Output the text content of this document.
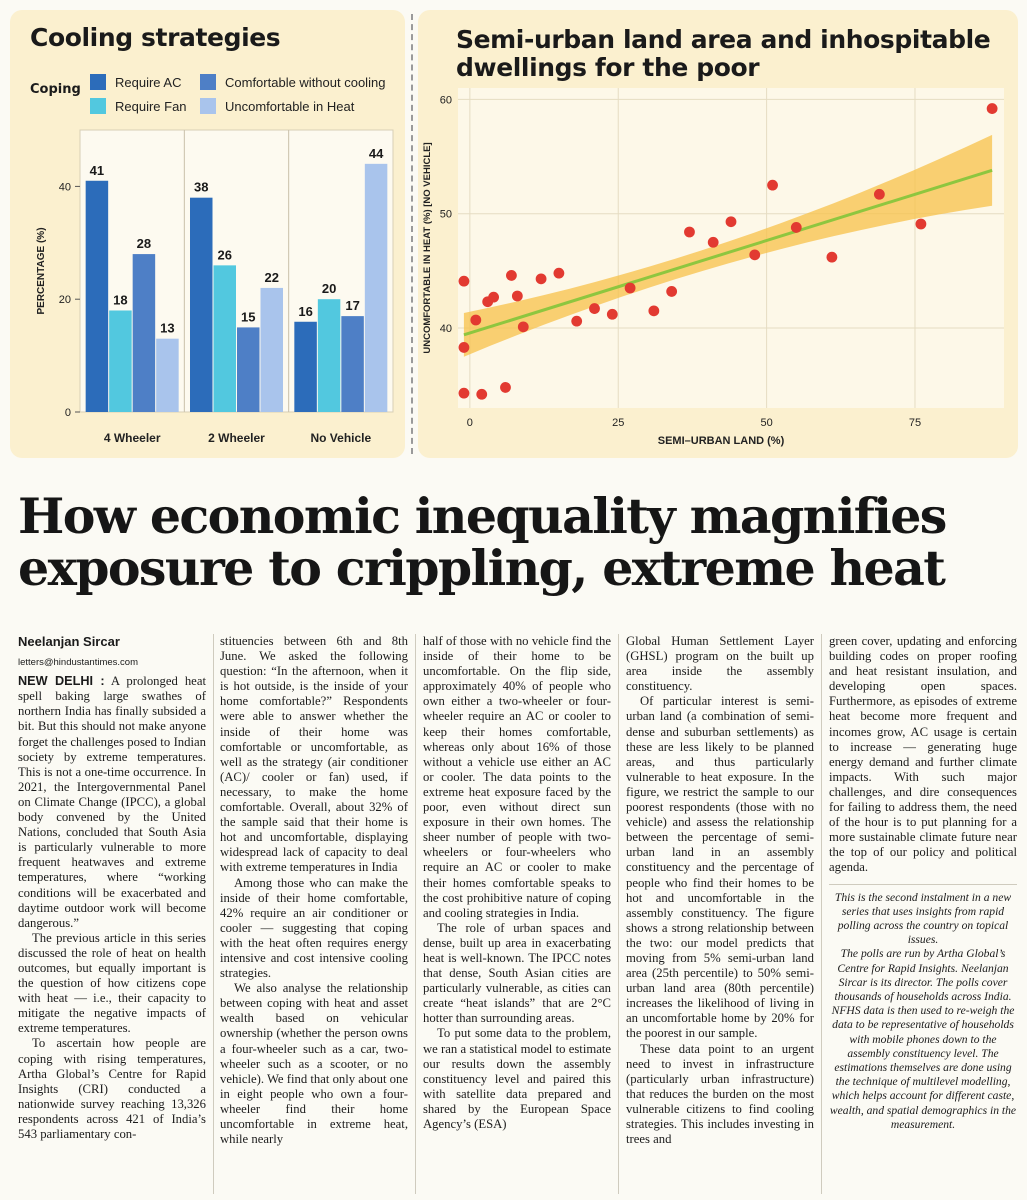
Cooling strategies
Coping	Require AC
Require Fan
Comfortable without cooling
Uncomfortable in Heat
0
20
40
PERCENTAGE (%)
41
18
28
13
4 Wheeler
38
26
15
22
2 Wheeler
16
20
17
44
No Vehicle
Semi-urban land area and inhospitable
dwellings for the poor
40
50
60
0	25	50	75
SEMI–URBAN LAND (%)
UNCOMFORTABLE IN HEAT (%) [NO VEHICLE]
How economic inequality magnifies
exposure to crippling, extreme heat
Neelanjan Sircar
letters@hindustantimes.com

NEW DELHI : A prolonged heat spell baking large swathes of northern India has finally subsided a bit. But this should not make anyone forget the challenges posed to Indian society by extreme temperatures. This is not a one-time occurrence. In 2021, the Intergovernmental Panel on Climate Change (IPCC), a global body convened by the United Nations, concluded that South Asia is particularly vulnerable to more frequent heatwaves and extreme temperatures, where “working conditions will be exacerbated and daytime outdoor work will become dangerous.”

The previous article in this series discussed the role of heat on health outcomes, but equally important is the question of how citizens cope with heat — i.e., their capacity to mitigate the negative impacts of extreme temperatures.

To ascertain how people are coping with rising temperatures, Artha Global’s Centre for Rapid Insights (CRI) conducted a nationwide survey reaching 13,326 respondents across 421 of India’s 543 parliamentary con-

stituencies between 6th and 8th June. We asked the following question: “In the afternoon, when it is hot outside, is the inside of your home comfortable?” Respondents were able to answer whether the inside of their home was comfortable or uncomfortable, as well as the strategy (air conditioner (AC)/ cooler or fan) used, if necessary, to make the home comfortable. Overall, about 32% of the sample said that their home is hot and uncomfortable, displaying widespread lack of capacity to deal with extreme temperatures in India

Among those who can make the inside of their home comfortable, 42% require an air conditioner or cooler — suggesting that coping with the heat often requires energy intensive and cost intensive cooling strategies.

We also analyse the relationship between coping with heat and asset wealth based on vehicular ownership (whether the person owns a four-wheeler such as a car, two-wheeler such as a scooter, or no vehicle). We find that only about one in eight people who own a four-wheeler find their home uncomfortable in extreme heat, while nearly

half of those with no vehicle find the inside of their home to be uncomfortable. On the flip side, approximately 40% of people who own either a two-wheeler or four-wheeler require an AC or cooler to keep their homes comfortable, whereas only about 16% of those without a vehicle use either an AC or cooler. The data points to the extreme heat exposure faced by the poor, even without direct sun exposure in their own homes. The sheer number of people with two-wheelers or four-wheelers who require an AC or cooler to make their homes comfortable speaks to the cost prohibitive nature of coping and cooling strategies in India.

The role of urban spaces and dense, built up area in exacerbating heat is well-known. The IPCC notes that dense, South Asian cities are particularly vulnerable, as cities can create “heat islands” that are 2°C hotter than surrounding areas.

To put some data to the problem, we ran a statistical model to estimate our results down the assembly constituency level and paired this with satellite data prepared and shared by the European Space Agency’s (ESA)

Global Human Settlement Layer (GHSL) program on the built up area inside the assembly constituency.

Of particular interest is semi-urban land (a combination of semi-dense and suburban settlements) as these are less likely to be planned areas, and thus particularly vulnerable to heat exposure. In the figure, we restrict the sample to our poorest respondents (those with no vehicle) and assess the relationship between the percentage of semi-urban land in an assembly constituency and the percentage of people who find their homes to be hot and uncomfortable in the assembly constituency. The figure shows a strong relationship between the two: our model predicts that moving from 5% semi-urban land area (25th percentile) to 50% semi-urban land area (80th percentile) increases the likelihood of living in an uncomfortable home by 20% for the poorest in our sample.

These data point to an urgent need to invest in infrastructure (particularly urban infrastructure) that reduces the burden on the most vulnerable citizens to find cooling strategies. This includes investing in trees and

green cover, updating and enforcing building codes on proper roofing and heat resistant insulation, and developing open spaces. Furthermore, as episodes of extreme heat become more frequent and incomes grow, AC usage is certain to increase — generating huge energy demand and further climate impacts. With such major challenges, and dire consequences for failing to address them, the need of the hour is to put planning for a more sustainable climate future near the top of our policy and political agenda.

This is the second instalment in a new series that uses insights from rapid polling across the country on topical issues.

The polls are run by Artha Global’s Centre for Rapid Insights. Neelanjan Sircar is its director. The polls cover thousands of households across India. NFHS data is then used to re-weigh the data to be representative of households with mobile phones down to the assembly constituency level. The estimations themselves are done using the technique of multilevel modelling, which helps account for different caste, wealth, and spatial demographics in the measurement.
